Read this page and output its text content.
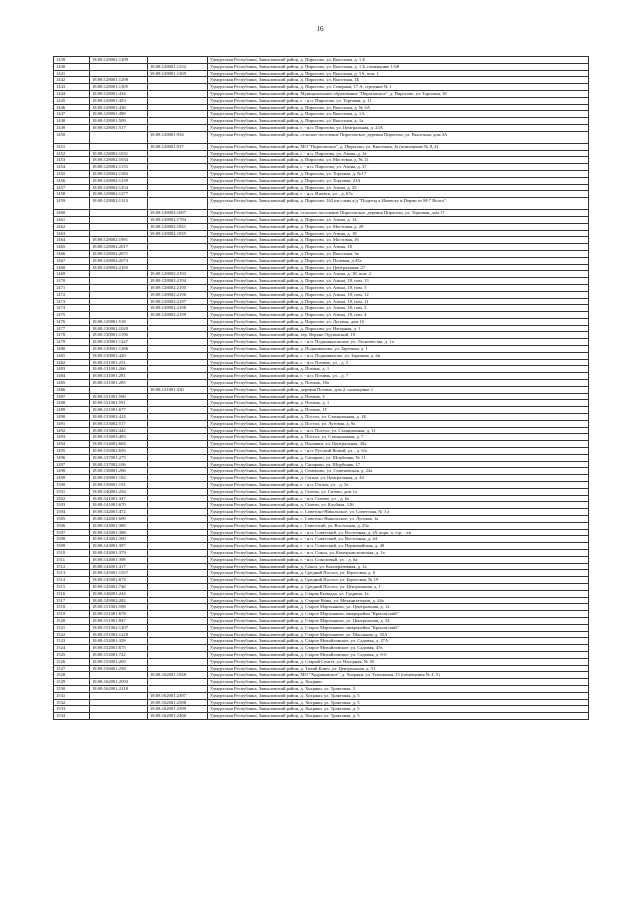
16
1439	18:08:128001:1209		Удмуртская Республика, Завьяловский район, д. Пирогово, ул. Высотная, д. 1 Б
1440		18:08:128001:1252	Удмуртская Республика, Завьяловский район, д. Пирогово, ул. Высотная, д. 1 Б, помещение 1-68
1441		18:08:128001:1269	Удмуртская Республика, Завьяловский район, д. Пирогово, ул. Высотная, д. 1А, пом. 1
1442	18:08:128001:1298		Удмуртская Республика, Завьяловский район, д. Пирогово, ул. Высотная, 1Б
1443	18:08:128001:1305		Удмуртская Республика, Завьяловский район, д. Пирогово, ул. Северная, 17 А, строение № 1
1444	18:08:128001:434		Удмуртская Республика, Завьяловский район, Муниципальное образование "Пироговское", д. Пирогово, ул. Торговая, 18
1445	18:08:128001:453		Удмуртская Республика, Завьяловский район, г. - н.п. Пирогово, ул. Торговая, д. 11
1446	18:08:128001:436		Удмуртская Республика, Завьяловский район, д. Пирогово, ул. Высотная, д. № 4А
1447	18:08:128001:499		Удмуртская Республика, Завьяловский район, д. Пирогово, ул. Высотная, д. 1А
1448	18:08:128001:509		Удмуртская Республика, Завьяловский район, д. Пирогово, ул. Высотная, д. 1а
1449	18:08:128001:517		Удмуртская Республика, Завьяловский район, г. - н.п. Пирогово, ул. Центральная, д. 23А
1450		18:08:128001:934	Удмуртская Республика, Завьяловский район, сельское поселение Пироговское, деревня Пирогово, ул. Высотная, дом 4А
1451		18:08:128001:937	Удмуртская Республика, Завьяловский район, МО "Пироговское", д. Пирогово, ул. Высотная, 3а (помещение № 8, 4)
1452	18:08:128002:1031		Удмуртская Республика, Завьяловский район, г. - н.п. Пирогово, ул. Азина, д. 1а
1453	18:08:128002:1034		Удмуртская Республика, Завьяловский район, д. Пирогово, ул. Мостовая, д. № 21
1454	18:08:128002:1153		Удмуртская Республика, Завьяловский район, г. - н.п. Пирогово, ул. Азина, д. 37
1455	18:08:128002:1184		Удмуртская Республика, Завьяловский район, д. Пирогово, ул. Торговая, д. №17
1456	18:08:128002:1239		Удмуртская Республика, Завьяловский район, д. Пирогово, ул. Торговая, 23А
1457	18:08:128002:1254		Удмуртская Республика, Завьяловский район, д. Пирогово, ул. Азина, д. 35
1458	18:08:128002:1277		Удмуртская Республика, Завьяловский район, г. - н.п. Ижевск, ул. , д. 67а
1459	18:08:128002:1313		Удмуртская Республика, Завьяловский район, д. Пирогово, 162 км слева а/д "Подъезд к Ижевску и Перми от М-7 Волга"
1460		18:08:128002:1697	Удмуртская Республика, Завьяловский район, сельское поселение Пироговское, деревня Пирогово, ул. Торговая, дом 17
1461		18:08:128002:1784	Удмуртская Республика, Завьяловский район, д. Пирогово, ул. Азина, д. 14
1462		18:08:128002:1831	Удмуртская Республика, Завьяловский район, д. Пирогово, ул. Мостовая, д. 28
1463		18:08:128002:1835	Удмуртская Республика, Завьяловский район, д. Пирогово, ул. Азина, д. 18
1464	18:08:128002:1991		Удмуртская Республика, Завьяловский район, д. Пирогово, ул. Мостовая, 16
1465	18:08:128002:2017		Удмуртская Республика, Завьяловский район, д. Пирогово, ул. Азина, 18
1466	18:08:128002:2071		Удмуртская Республика, Завьяловский район, д. Пирогово, ул. Высотная, 3в
1467	18:08:128002:2073		Удмуртская Республика, Завьяловский район, д. Пирогово, ул. Полевая, д.45а
1468	18:08:128002:2165		Удмуртская Республика, Завьяловский район, д. Пирогово, ул. Центральная, 27
1469		18:08:128002:2193	Удмуртская Республика, Завьяловский район, д. Пирогово, ул. Азина, д. 18, пом. 2
1470		18:08:128002:2194	Удмуртская Республика, Завьяловский район, д. Пирогово, ул. Азина, 18, пом. 13
1471		18:08:128002:2195	Удмуртская Республика, Завьяловский район, д. Пирогово, ул. Азина, 18, пом. 5
1472		18:08:128002:2196	Удмуртская Республика, Завьяловский район, д. Пирогово, ул. Азина, 18, пом. 12
1473		18:08:128002:2197	Удмуртская Республика, Завьяловский район, д. Пирогово, ул. Азина, 18, пом. 11
1474		18:08:128002:2198	Удмуртская Республика, Завьяловский район, д. Пирогово, ул. Азина, 18, пом. 3
1475		18:08:128002:2199	Удмуртская Республика, Завьяловский район, д. Пирогово, ул. Азина, 18, пом. 4
1476	18:08:129001:518		Удмуртская Республика, Завьяловский район, д. Пирогово, ул. Луговая, дом 1б
1477	18:08:130001:1020		Удмуртская Республика, Завьяловский район, д. Пирогово, ул. Нагорная, д. 1
1478	18:08:130001:1196		Удмуртская Республика, Завьяловский район, тер. Верхне-Лудзинский, 19
1479	18:08:130001:1247		Удмуртская Республика, Завьяловский район, г. - н.п. Подшиваловские, ул. Лесничества, д. 1а
1480	18:08:130001:1286		Удмуртская Республика, Завьяловский район, д. Подшивалово, ул. Заречная, д. 1
1481	18:08:130001:420		Удмуртская Республика, Завьяловский район, г. - н.п. Подшивалово, ул. Заречная, д. 6в
1482	18:08:131001:231		Удмуртская Республика, Завьяловский район, г. - н.п. Позимь, ул. , д. 5
1483	18:08:131001:266		Удмуртская Республика, Завьяловский район, д. Позимь, д. 1
1484	18:08:131001:281		Удмуртская Республика, Завьяловский район, г. - н.п. Позимь, ул. , д. 7
1485	18:08:131001:285		Удмуртская Республика, Завьяловский район, д. Позимь, 18а
1486		18:08:131001:330	Удмуртская Республика, Завьяловский район, деревня Позимь, дом 2, помещение 1
1487	18:08:131001:590		Удмуртская Республика, Завьяловский район, д. Позимь, 3
1488	18:08:131001:591		Удмуртская Республика, Завьяловский район, д. Позимь, д. 1
1489	18:08:131001:677		Удмуртская Республика, Завьяловский район, д. Позимь, 1Г
1490	18:08:133002:424		Удмуртская Республика, Завьяловский район, д. Постол, ул. Станционная, д. 1Б
1491	18:08:133002:517		Удмуртская Республика, Завьяловский район, д. Постол, ул. Луговая, д. 9а
1492	18:08:133002:442		Удмуртская Республика, Завьяловский район, г. - н.п. Постол, ул. Станционная, д. 11
1493	18:08:133003:483		Удмуртская Республика, Завьяловский район, д. Постол, ул. Станционная, д. 7
1494	18:08:134001:604		Удмуртская Республика, Завьяловский район, д. Пычанки, ул. Центральная, 30а
1495	18:08:135002:650		Удмуртская Республика, Завьяловский район, г. - н.п. Русский Вожой, ул. , д. 6/а
1496	18:08:137001:275		Удмуртская Республика, Завьяловский район, д. Сапарово, ул. Шорбоняк, № 11
1497	18:08:137002:106		Удмуртская Республика, Завьяловский район, д. Сапарово, ул. Шорбоняк, 17
1498	18:08:138001:296		Удмуртская Республика, Завьяловский район, д. Семеново, ул. Семеновская, д. 24а
1499	18:08:139001:182		Удмуртская Республика, Завьяловский район, д. Сепыч, ул. Центральная, д. 44
1500	18:08:139001:191		Удмуртская Республика, Завьяловский район, г. - н.п. Сепыч, ул. , д. 5а
1501	18:08:140001:254		Удмуртская Республика, Завьяловский район, д. Сизево, ул. Сизево, дом 1а
1502	18:08:141001:347		Удмуртская Республика, Завьяловский район, г. - н.п. Сизево, ул. , д. 6а
1503	18:08:141001:670		Удмуртская Республика, Завьяловский район, д. Сизево, ул. Клубная, 126
1504	18:08:142001:472		Удмуртская Республика, Завьяловский район, с. Советско-Никольское, ул. Советская, № 1 а
1505	18:08:142001:699		Удмуртская Республика, Завьяловский район, с. Советско-Никольское, ул. Луговая, 1а
1506	18:08:143001:386		Удмуртская Республика, Завьяловский район, с. Советский, ул. Восточная, д. 25а
1507	18:08:143001:388		Удмуртская Республика, Завьяловский район, г. - н.п. Советский, ул. Восточная, д. 29, корп. а, стр. - кв
1508	18:08:143001:390		Удмуртская Республика, Завьяловский район, г. - н.п. Советский, ул. Восточная, д. 44
1509	18:08:143001:397		Удмуртская Республика, Завьяловский район, г. - н.п. Советский, ул. Первомайская, д. 40
1510	18:08:144001:379		Удмуртская Республика, Завьяловский район, г. - н.п. Сокол, ул. Коммунистическая, д. 1а
1511	18:08:144001:398		Удмуртская Республика, Завьяловский район, г. - н.п. Соколовый, ул. , д. 6а
1512	18:08:144001:417		Удмуртская Республика, Завьяловский район, д. Сокол, ул. Кооперативная, д. 1а
1513	18:08:145001:1557		Удмуртская Республика, Завьяловский район, д. Средний Постол, ул. Береговая, д. 8
1514	18:08:145001:674		Удмуртская Республика, Завьяловский район, д. Средний Постол, ул. Береговая, № 19
1515	18:08:145001:746		Удмуртская Республика, Завьяловский район, д. Средний Постол, ул. Центральная, д. 1
1516	18:08:146001:244		Удмуртская Республика, Завьяловский район, д. Старая Кычкада, ул. Гудрина, 1а
1517	18:08:149002:282		Удмуртская Республика, Завьяловский район, д. Старые Кены, ул. Механизаторов, д. 24а
1518	18:08:151001:598		Удмуртская Республика, Завьяловский район, д. Старое Мартьяново, ул. Центральная, д. 12
1519	18:08:151001:678		Удмуртская Республика, Завьяловский район, д. Старое Мартьяново, микрорайон "Крылатский"
1520	18:08:151001:847		Удмуртская Республика, Завьяловский район, д. Старое Мартьяново, ул. Центральная, д. 34
1521	18:08:151002:1207		Удмуртская Республика, Завьяловский район, д. Старое Мартьяново, микрорайон "Крылатский"
1522	18:08:151002:1229		Удмуртская Республика, Завьяловский район, д. Старое Мартьяново, ул. Школьная, д. 35А
1523	18:08:152001:358		Удмуртская Республика, Завьяловский район, д. Старое Михайловское, ул. Садовая, д. 47А
1524	18:08:152001:675		Удмуртская Республика, Завьяловский район, д. Старое Михайловское, ул. Садовая, 47в
1525	18:08:152001:722		Удмуртская Республика, Завьяловский район, д. Старое Михайловское, ул. Садовая, д. 6-б
1526	18:08:153001:269		Удмуртская Республика, Завьяловский район, д. Старый Сентег, ул. Нагорная, № 30
1527	18:08:156001:258		Удмуртская Республика, Завьяловский район, д. Тихий Ключ, ул. Центральная, д. 31
1528		18:08:162001:1948	Удмуртская Республика, Завьяловский район, МО "Хохряковское", д. Хохряки, ул. Тепличная, 13 (помещения № 4, 5)
1529	18:08:162001:2093		Удмуртская Республика, Завьяловский район, д. Хохряки
1530	18:08:162001:2218		Удмуртская Республика, Завьяловский район, д. Хохряки, ул. Трактовая, 5
1531		18:08:162001:2397	Удмуртская Республика, Завьяловский район, д. Хохряки, ул. Трактовая, д. 5
1532		18:08:162001:2398	Удмуртская Республика, Завьяловский район, д. Хохряки, ул. Трактовая, д. 5
1533		18:08:162001:2399	Удмуртская Республика, Завьяловский район, д. Хохряки, ул. Трактовая, д. 5
1534		18:08:162001:2400	Удмуртская Республика, Завьяловский район, д. Хохряки, ул. Трактовая, д. 5
